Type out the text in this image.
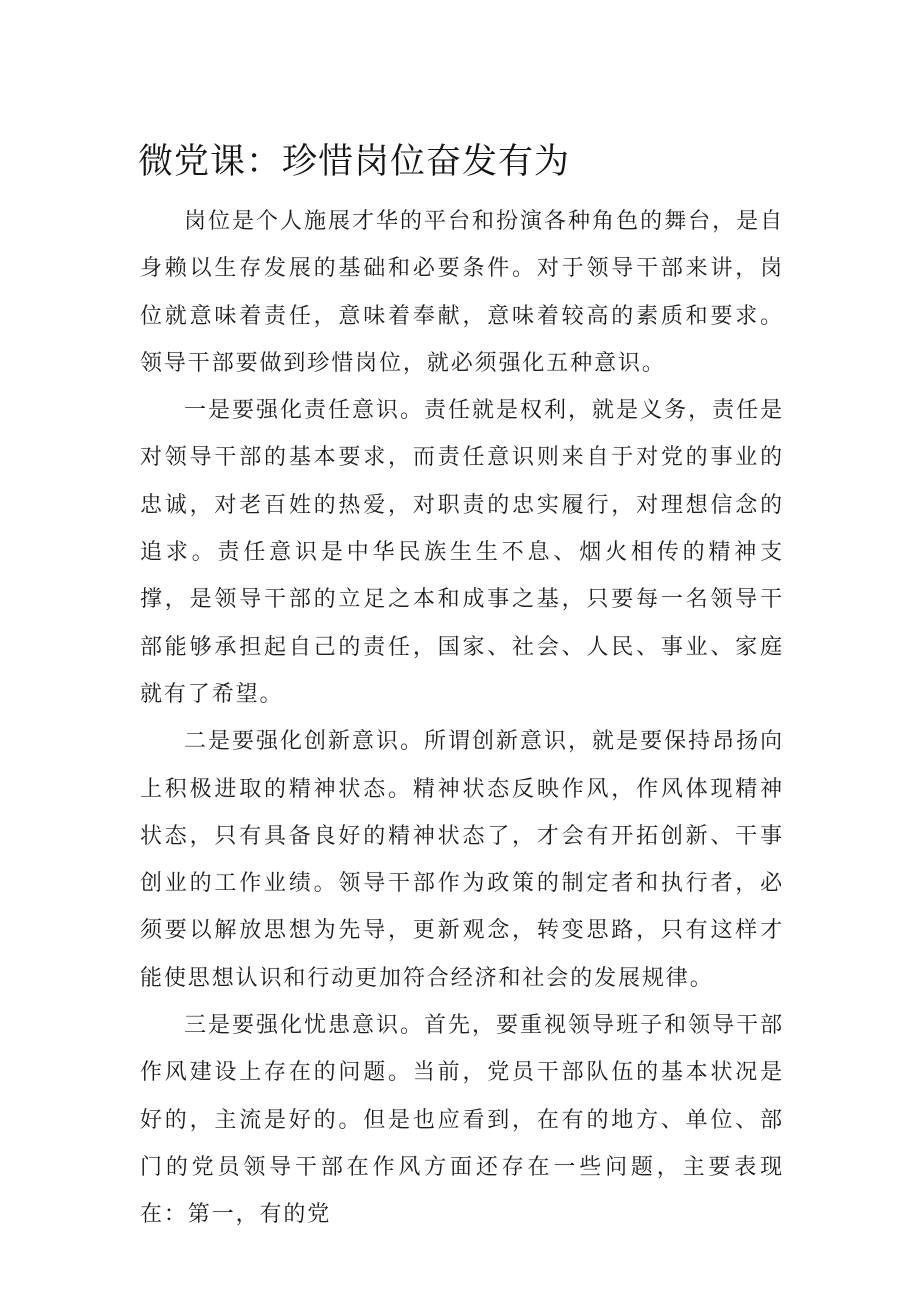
微党课：珍惜岗位奋发有为

岗位是个人施展才华的平台和扮演各种角色的舞台，是自身赖以生存发展的基础和必要条件。对于领导干部来讲，岗位就意味着责任，意味着奉献，意味着较高的素质和要求。领导干部要做到珍惜岗位，就必须强化五种意识。

一是要强化责任意识。责任就是权利，就是义务，责任是对领导干部的基本要求，而责任意识则来自于对党的事业的忠诚，对老百姓的热爱，对职责的忠实履行，对理想信念的追求。责任意识是中华民族生生不息、烟火相传的精神支撑，是领导干部的立足之本和成事之基，只要每一名领导干部能够承担起自己的责任，国家、社会、人民、事业、家庭就有了希望。

二是要强化创新意识。所谓创新意识，就是要保持昂扬向上积极进取的精神状态。精神状态反映作风，作风体现精神状态，只有具备良好的精神状态了，才会有开拓创新、干事创业的工作业绩。领导干部作为政策的制定者和执行者，必须要以解放思想为先导，更新观念，转变思路，只有这样才能使思想认识和行动更加符合经济和社会的发展规律。

三是要强化忧患意识。首先，要重视领导班子和领导干部作风建设上存在的问题。当前，党员干部队伍的基本状况是好的，主流是好的。但是也应看到，在有的地方、单位、部门的党员领导干部在作风方面还存在一些问题，主要表现在：第一，有的党
